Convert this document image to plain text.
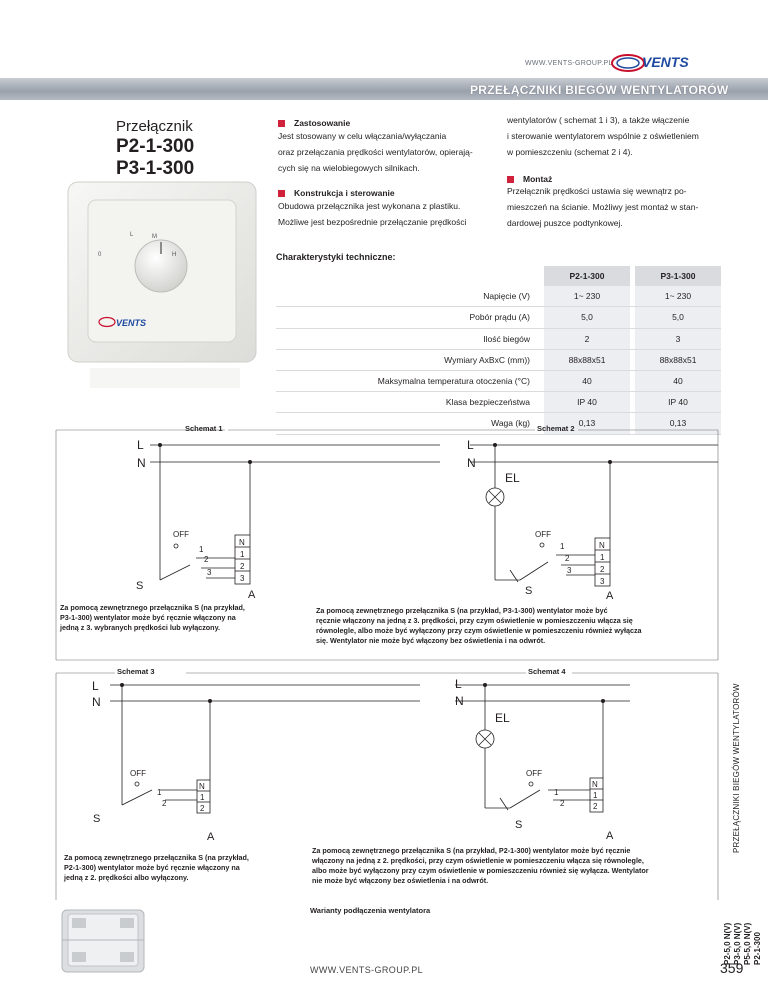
WWW.VENTS-GROUP.PL VENTS
PRZEŁĄCZNIKI BIEGÓW WENTYLATORÓW
Przełącznik
P2-1-300
P3-1-300
0
L	M
H
VENTS
Zastosowanie
Jest stosowany w celu włączania/wyłączania
oraz przełączania prędkości wentylatorów, opierają-
cych się na wielobiegowych silnikach.
Konstrukcja i sterowanie
Obudowa przełącznika jest wykonana z plastiku.
Możliwe jest bezpośrednie przełączanie prędkości
wentylatorów ( schemat 1 i 3), a także włączenie
i sterowanie wentylatorem wspólnie z oświetleniem
w pomieszczeniu (schemat 2 i 4).
Montaż
Przełącznik prędkości ustawia się wewnątrz po-
mieszczeń na ścianie. Możliwy jest montaż w stan-
dardowej puszce podtynkowej.
Charakterystyki techniczne:
	P2-1-300		P3-1-300
Napięcie (V)	1~ 230		1~ 230
Pobór prądu (A)	5,0		5,0
Ilość biegów	2		3
Wymiary AxBxC (mm))	88x88x51		88x88x51
Maksymalna temperatura otoczenia (°C)	40		40
Klasa bezpieczeństwa	IP 40		IP 40
Waga (kg)	0,13		0,13
L
N
OFF
1
2
3
N
1
2
3
S
A
L
N
EL
OFF
1
2
3
N
1
2
3
S	A
L
N
OFF
1
2
N
1
2
S
A
L
N
EL
OFF
1
2
N
1
2
S
A
Schemat 1	Schemat 2
Schemat 3	Schemat 4
Za pomocą zewnętrznego przełącznika S (na przykład,
P3-1-300) wentylator może być ręcznie włączony na
jedną z 3. wybranych prędkości lub wyłączony.
Za pomocą zewnętrznego przełącznika S (na przykład, P3-1-300) wentylator może być
ręcznie włączony na jedną z 3. prędkości, przy czym oświetlenie w pomieszczeniu włącza się
równolegle, albo może być wyłączony przy czym oświetlenie w pomieszczeniu również wyłącza
się. Wentylator nie może być włączony bez oświetlenia i na odwrót.
Za pomocą zewnętrznego przełącznika S (na przykład,
P2-1-300) wentylator może być ręcznie włączony na
jedną z 2. prędkości albo wyłączony.
Za pomocą zewnętrznego przełącznika S (na przykład, P2-1-300) wentylator może być ręcznie
włączony na jedną z 2. prędkości, przy czym oświetlenie w pomieszczeniu włącza się równolegle,
albo może być wyłączony przy czym oświetlenie w pomieszczeniu również się wyłącza. Wentylator
nie może być włączony bez oświetlenia i na odwrót.
Warianty podłączenia wentylatora
WWW.VENTS-GROUP.PL	359
PRZEŁĄCZNIKI BIEGÓW WENTYLATORÓW
P2-5,0 N(V) P3-5,0 N(V) P5-5,0 N(V) P2-1-300
